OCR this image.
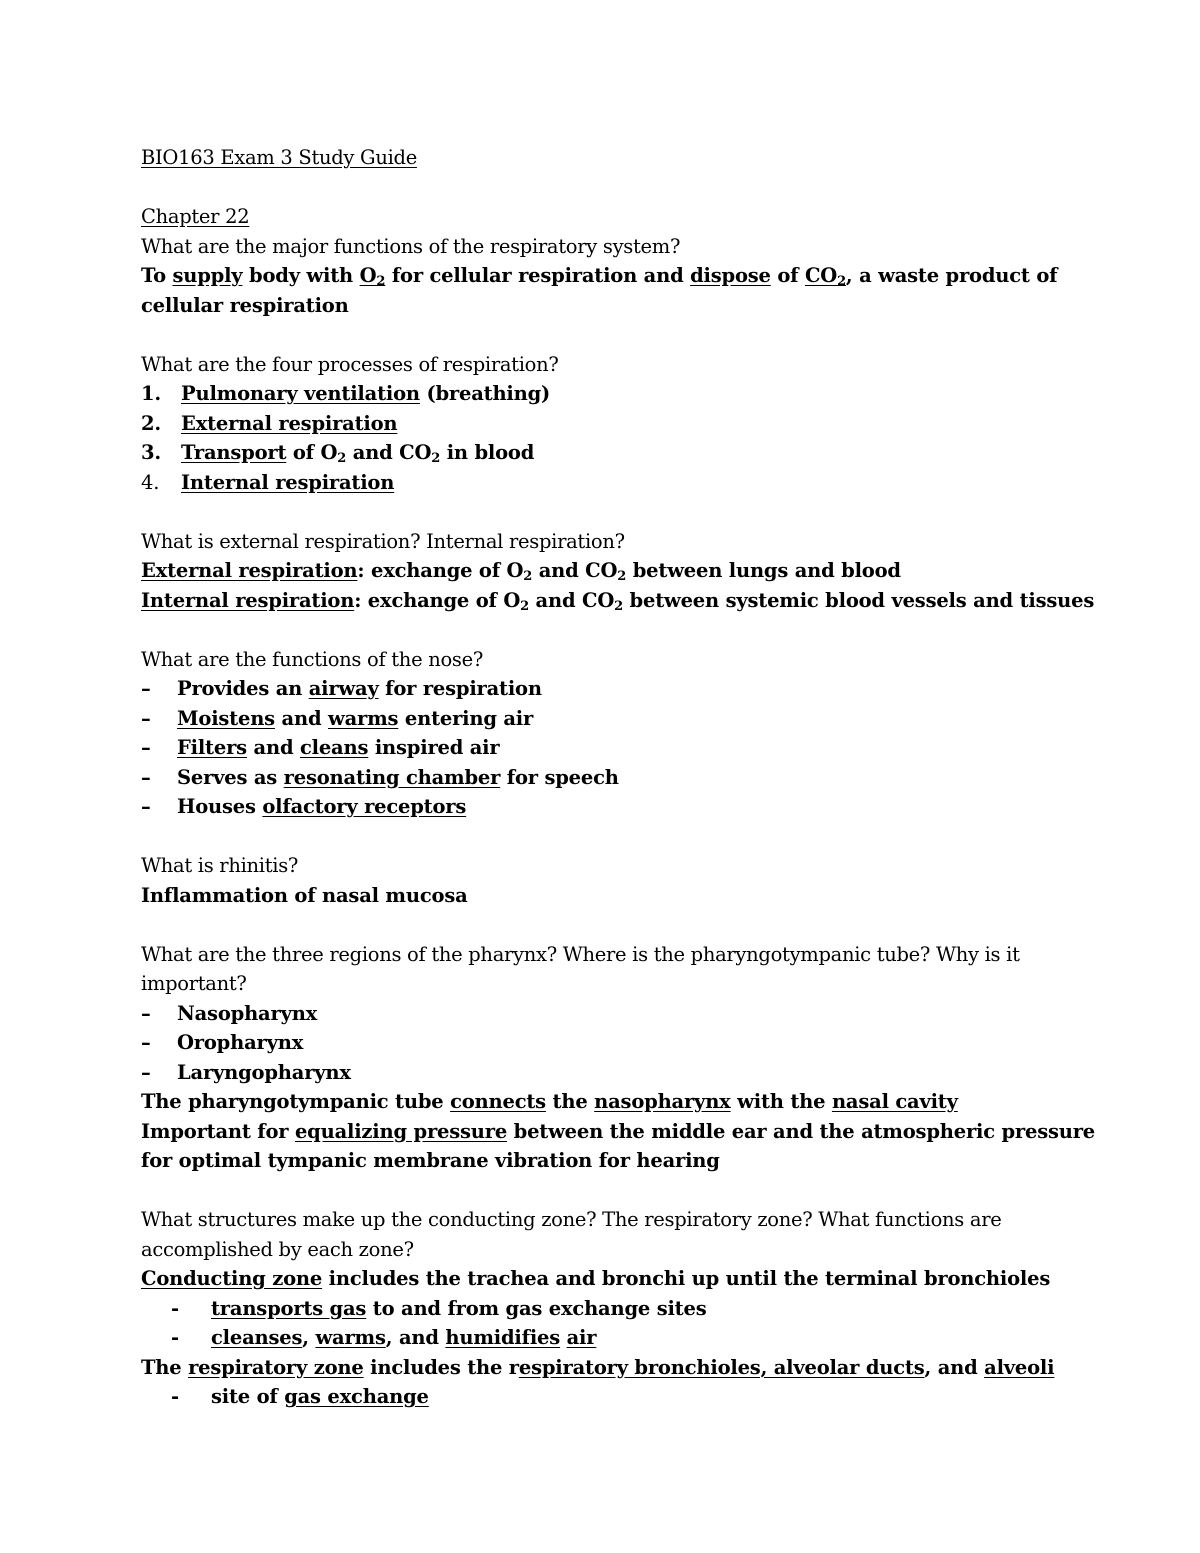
BIO163 Exam 3 Study Guide
Chapter 22
What are the major functions of the respiratory system?
To supply body with $O_2$ for cellular respiration and dispose of $CO_2$, a waste product of
cellular respiration
What are the four processes of respiration?
1.	Pulmonary ventilation (breathing)
2.	External respiration
3.	Transport of $O_2$ and $CO_2$ in blood
4.	Internal respiration
What is external respiration? Internal respiration?
External respiration: exchange of $O_2$ and $CO_2$ between lungs and blood
Internal respiration: exchange of $O_2$ and $CO_2$ between systemic blood vessels and tissues
What are the functions of the nose?
–	Provides an airway for respiration
–	Moistens and warms entering air
–	Filters and cleans inspired air
–	Serves as resonating chamber for speech
–	Houses olfactory receptors
What is rhinitis?
Inflammation of nasal mucosa
What are the three regions of the pharynx? Where is the pharyngotympanic tube? Why is it
important?
–	Nasopharynx
–	Oropharynx
–	Laryngopharynx
The pharyngotympanic tube connects the nasopharynx with the nasal cavity
Important for equalizing pressure between the middle ear and the atmospheric pressure
for optimal tympanic membrane vibration for hearing
What structures make up the conducting zone? The respiratory zone? What functions are
accomplished by each zone?
Conducting zone includes the trachea and bronchi up until the terminal bronchioles
-	transports gas to and from gas exchange sites
-	cleanses, warms, and humidifies air
The respiratory zone includes the respiratory bronchioles, alveolar ducts, and alveoli
-	site of gas exchange
